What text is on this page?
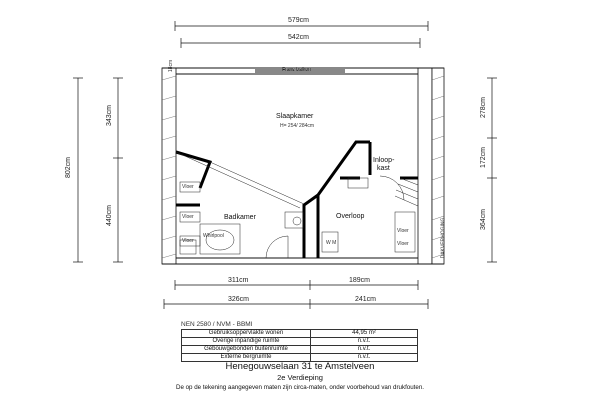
579cm
542cm
802cm
343cm
440cm
278cm
172cm
364cm
311cm	189cm
326cm	241cm
18cm	Frans balkon
Slaapkamer
H= 254/ 284cm
Inloop-
kast
Badkamer	Overloop
Whirlpool
W M
Vloer
Vloer
Vloer
Vloer
Vloer	DAKVERHOGING
NEN 2580 / NVM - BBMI
Gebruiksoppervlakte wonen	44,95 m²
Overige inpandige ruimte	n.v.t.
Gebouwgebonden buitenruimte	n.v.t.
Externe bergruimte	n.v.t.
Henegouwselaan 31 te Amstelveen
2e Verdieping
De op de tekening aangegeven maten zijn circa-maten, onder voorbehoud van drukfouten.
